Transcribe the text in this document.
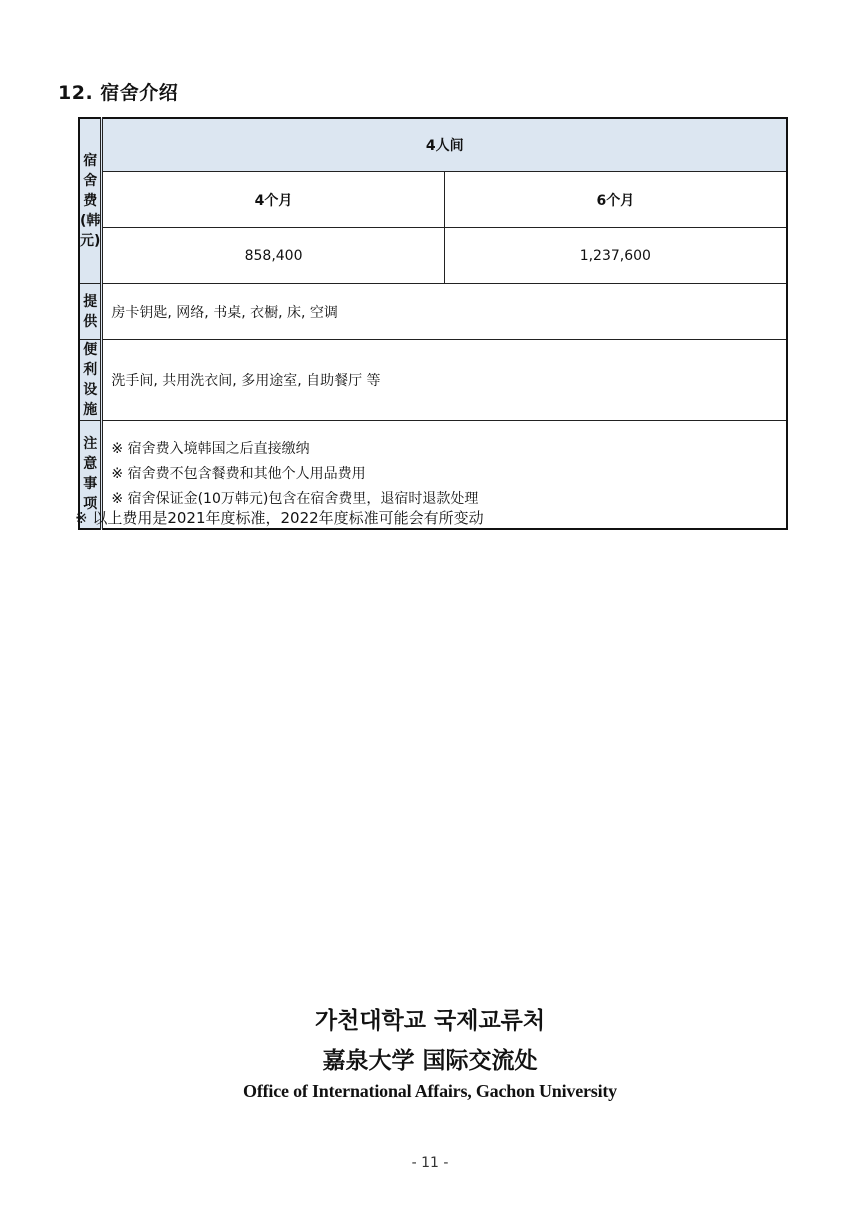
12. 宿舍介绍
宿舍费
(韩元)	4人间	
	4个月	6个月
	858,400	1,237,600
提供	房卡钥匙, 网络, 书桌, 衣橱, 床, 空调	
便利设施	洗手间, 共用洗衣间, 多用途室, 自助餐厅 等	
注意事项	※ 宿舍费入境韩国之后直接缴纳
※ 宿舍费不包含餐费和其他个人用品费用
※ 宿舍保证金(10万韩元)包含在宿舍费里，退宿时退款处理	
※ 以上费用是2021年度标准，2022年度标准可能会有所变动
가천대학교 국제교류처
嘉泉大学 国际交流处
Office of International Affairs, Gachon University
- 11 -
